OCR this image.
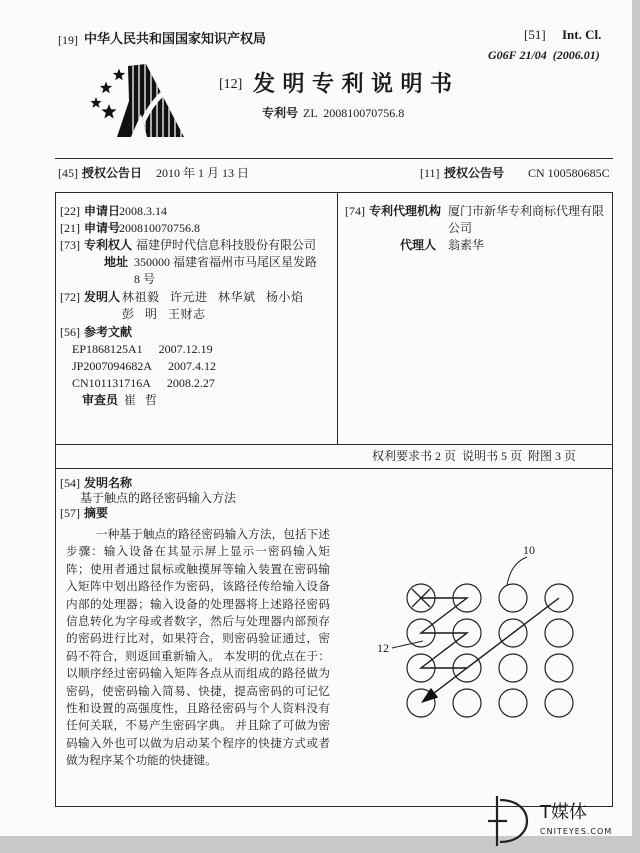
[19] 中华人民共和国国家知识产权局	[51] Int. Cl.
G06F 21/04  (2006.01)
[12] 发 明 专 利 说 明 书
专利号 ZL  200810070756.8
[45] 授权公告日 2010 年 1 月 13 日	[11] 授权公告号 CN 100580685C
[22] 申请日
2008.3.14
[21] 申请号
200810070756.8
[73] 专利权人 福建伊时代信息科技股份有限公司
地址 350000 福建省福州市马尾区星发路
8 号
[72] 发明人 林祖毅   许元进   林华斌   杨小焰
彭   明   王财志
[56] 参考文献
EP1868125A1 2007.12.19
JP2007094682A 2007.4.12
CN101131716A 2008.2.27
审查员 崔   哲
[74] 专利代理机构 厦门市新华专利商标代理有限
公司
代理人 翁素华
权利要求书 2 页  说明书 5 页  附图 3 页
[54] 发明名称
基于触点的路径密码输入方法
[57] 摘要
一种基于触点的路径密码输入方法，包括下述
步骤：输入设备在其显示屏上显示一密码输入矩
阵；使用者通过鼠标或触摸屏等输入装置在密码输
入矩阵中划出路径作为密码，该路径传给输入设备
内部的处理器；输入设备的处理器将上述路径密码
信息转化为字母或者数字，然后与处理器内部预存
的密码进行比对，如果符合，则密码验证通过，密
码不符合，则返回重新输入。 本发明的优点在于：
以顺序经过密码输入矩阵各点从而组成的路径做为
密码，使密码输入简易、快捷，提高密码的可记忆
性和设置的高强度性，且路径密码与个人资料没有
任何关联，不易产生密码字典。 并且除了可做为密
码输入外也可以做为启动某个程序的快捷方式或者
做为程序某个功能的快捷键。
10
12
T媒体
CNITEYES.COM
